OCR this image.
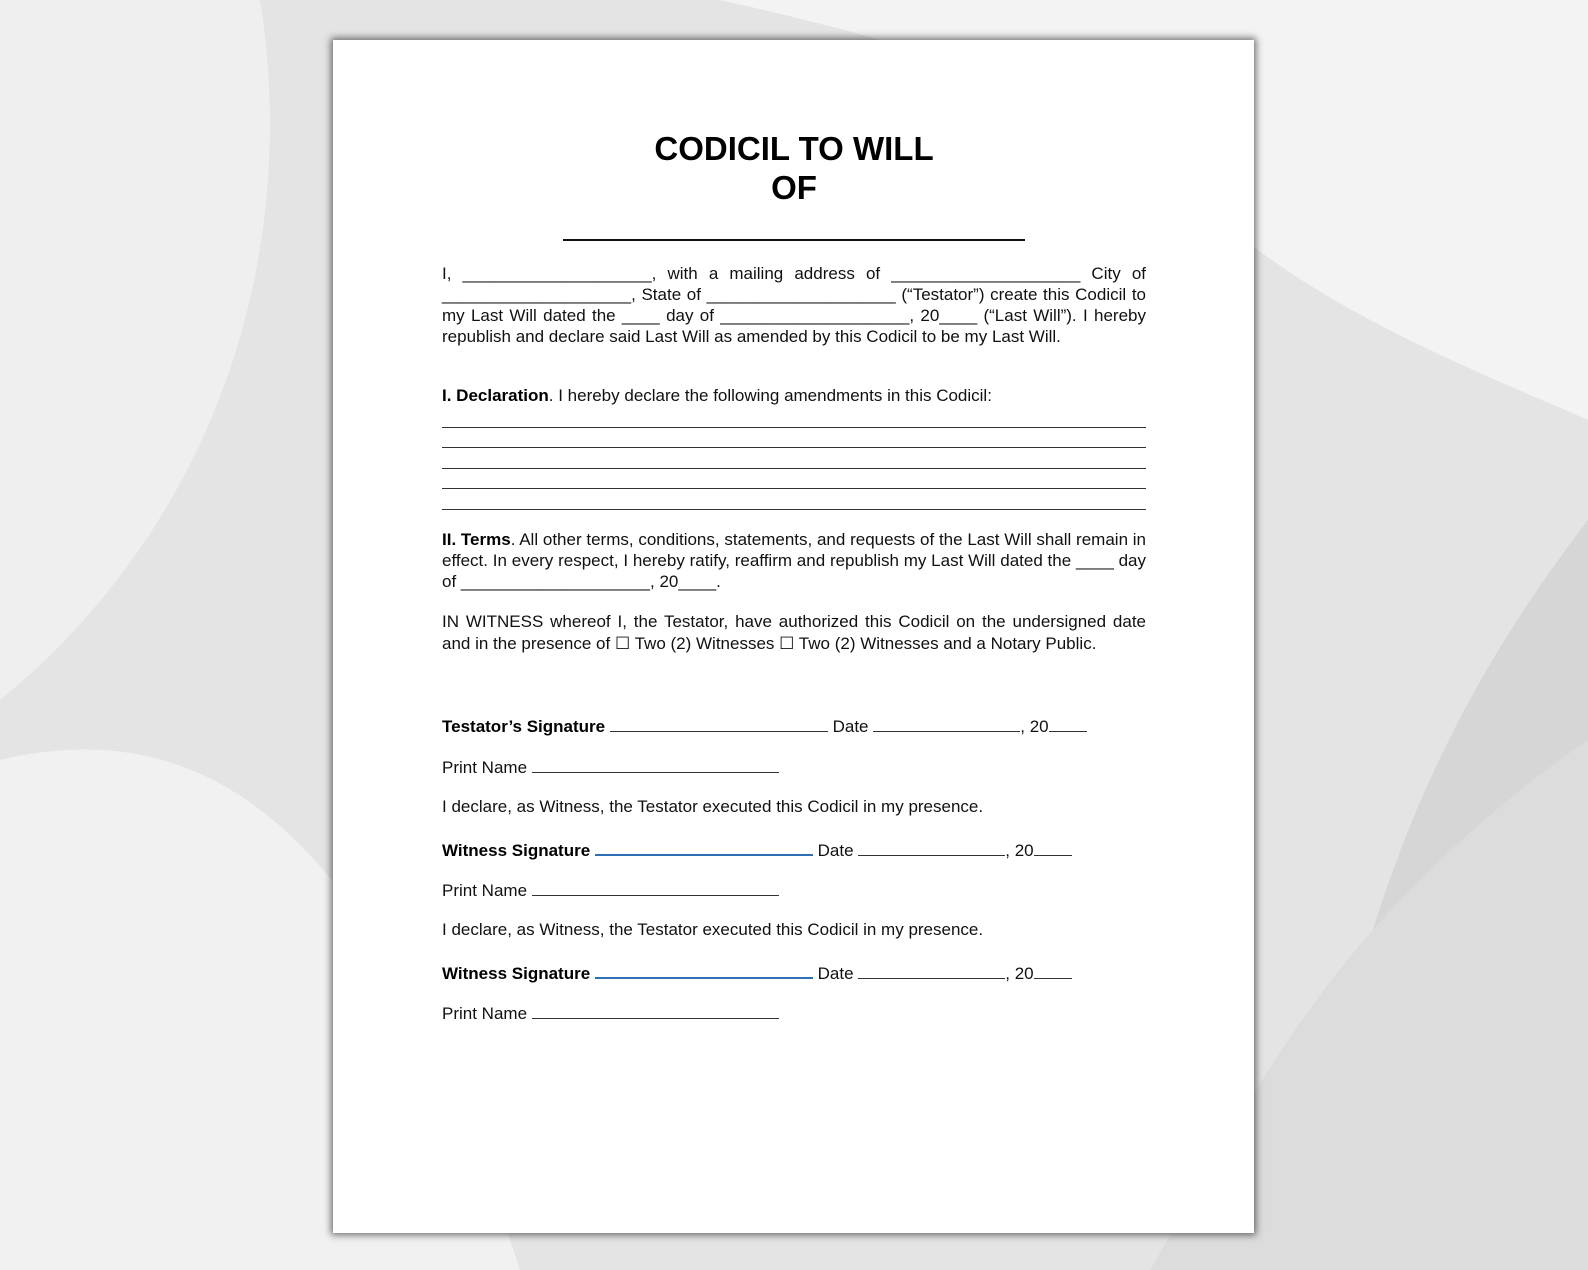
CODICIL TO WILL
OF

I, ____________________, with a mailing address of ____________________ City of ____________________, State of ____________________ (“Testator”) create this Codicil to my Last Will dated the ____ day of ____________________, 20____ (“Last Will”). I hereby republish and declare said Last Will as amended by this Codicil to be my Last Will.

I. Declaration. I hereby declare the following amendments in this Codicil:

II. Terms. All other terms, conditions, statements, and requests of the Last Will shall remain in effect. In every respect, I hereby ratify, reaffirm and republish my Last Will dated the ____ day of ____________________, 20____.

IN WITNESS whereof I, the Testator, have authorized this Codicil on the undersigned date and in the presence of ☐ Two (2) Witnesses ☐ Two (2) Witnesses and a Notary Public.

Testator’s Signature	Date	, 20
Print Name
I declare, as Witness, the Testator executed this Codicil in my presence.
Witness Signature	Date	, 20
Print Name
I declare, as Witness, the Testator executed this Codicil in my presence.
Witness Signature	Date	, 20
Print Name
